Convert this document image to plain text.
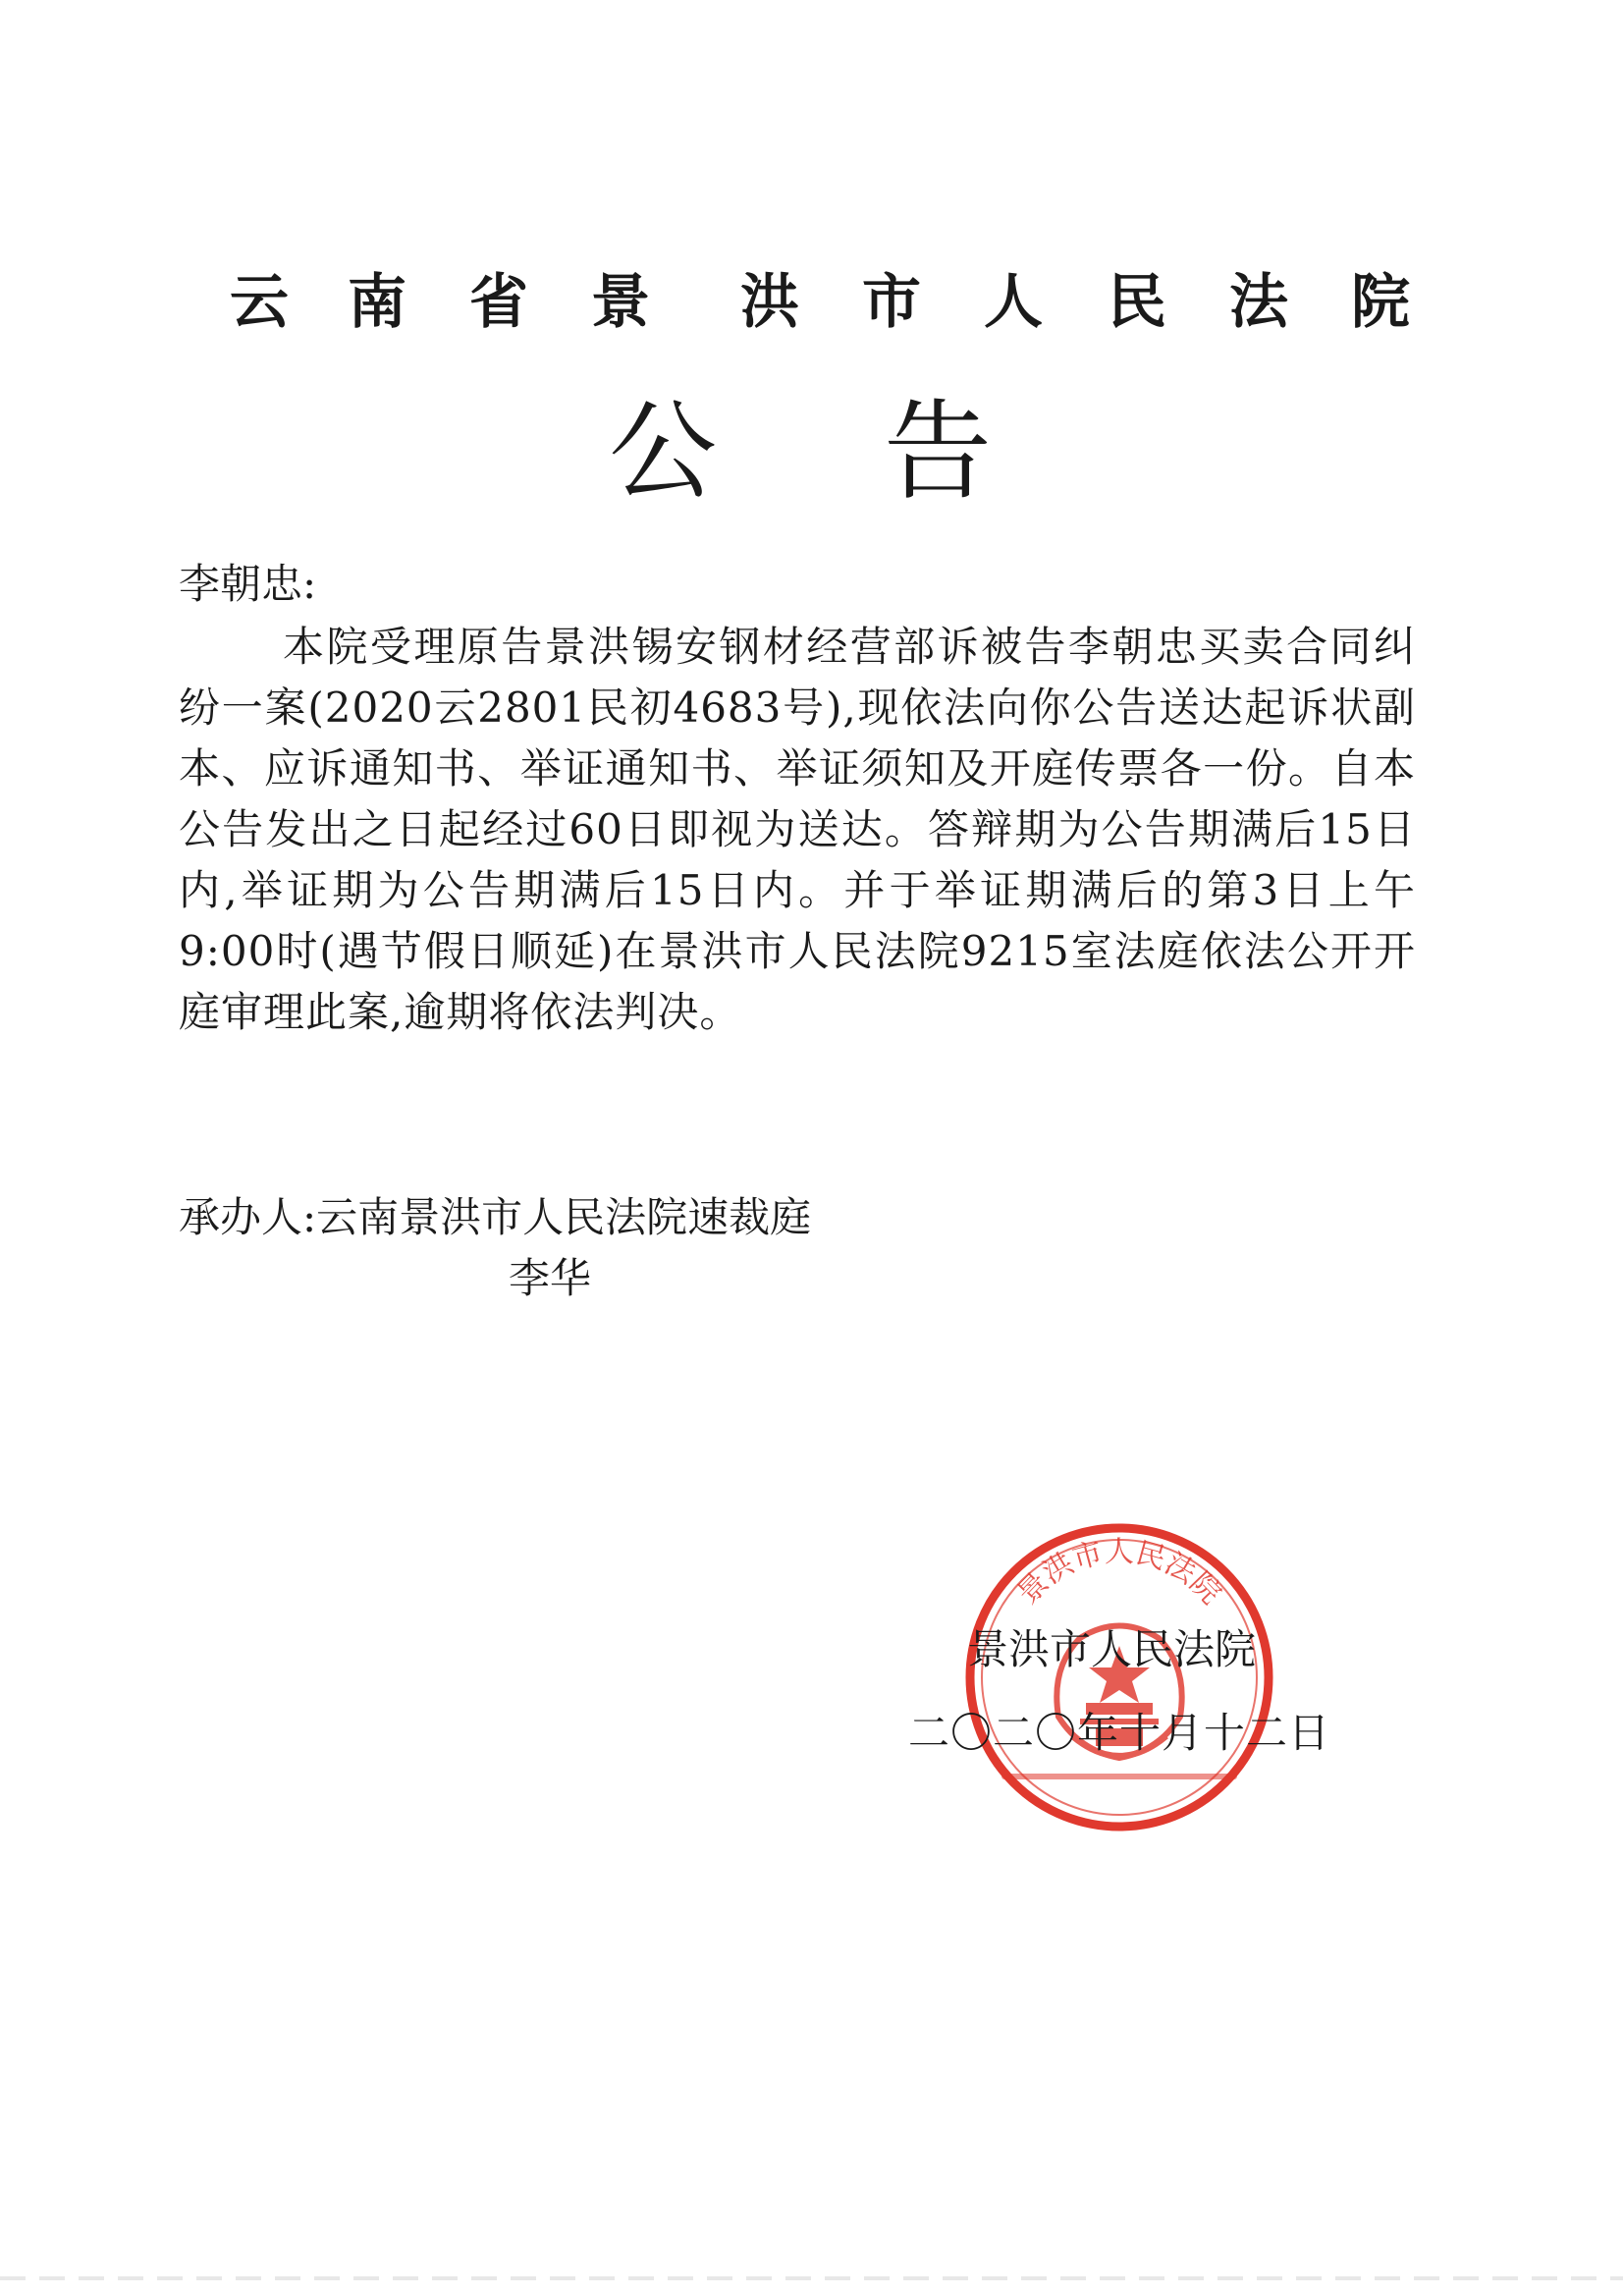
云 南 省 景 洪 市 人 民 法 院
公 告
李朝忠:
本院受理原告景洪锡安钢材经营部诉被告李朝忠买卖合同纠纷一案(2020云2801民初4683号),现依法向你公告送达起诉状副本、应诉通知书、举证通知书、举证须知及开庭传票各一份。自本公告发出之日起经过60日即视为送达。答辩期为公告期满后15日内,举证期为公告期满后15日内。并于举证期满后的第3日上午9:00时(遇节假日顺延)在景洪市人民法院9215室法庭依法公开开庭审理此案,逾期将依法判决。
承办人:云南景洪市人民法院速裁庭
李华
景洪市人民法院
景洪市人民法院
二〇二〇年十月十二日
